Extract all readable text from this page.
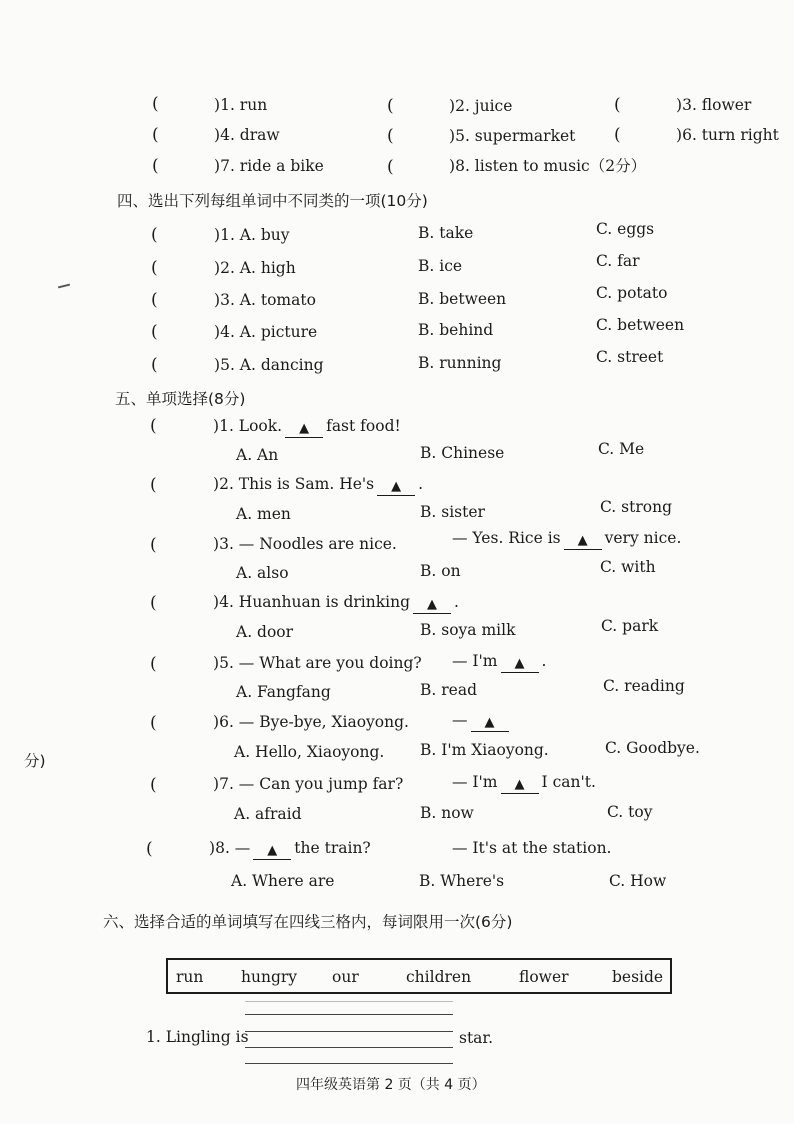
(	)1. run	(	)2. juice	(	)3. flower
(	)4. draw	(	)5. supermarket (	)6. turn right
(	)7. ride a bike	(	)8. listen to music（2分）
四、选出下列每组单词中不同类的一项(10分)
(	)1. A. buy	B. take	C. eggs
(	)2. A. high	B. ice	C. far
(	)3. A. tomato	B. between	C. potato
(	)4. A. picture	B. behind	C. between
(	)5. A. dancing	B. running	C. street
五、单项选择(8分)
(	)1. Look. ▲ fast food!
A. An	B. Chinese	C. Me
(	)2. This is Sam. He's ▲ .
A. men	B. sister	C. strong
(	)3. — Noodles are nice.	— Yes. Rice is ▲ very nice.
A. also	B. on	C. with
(	)4. Huanhuan is drinking ▲ .
A. door	B. soya milk	C. park
(	)5. — What are you doing? — I'm ▲ .
A. Fangfang	B. read	C. reading
(	)6. — Bye-bye, Xiaoyong.	— ▲
A. Hello, Xiaoyong. B. I'm Xiaoyong.	C. Goodbye.
(	)7. — Can you jump far?	— I'm ▲ I can't.
A. afraid	B. now	C. toy
(	)8. — ▲ the train?	— It's at the station.
A. Where are	B. Where's	C. How
六、选择合适的单词填写在四线三格内，每词限用一次(6分)
run hungry our	children	flower	beside
1. Lingling is	star.
分)
四年级英语第 2 页（共 4 页）
